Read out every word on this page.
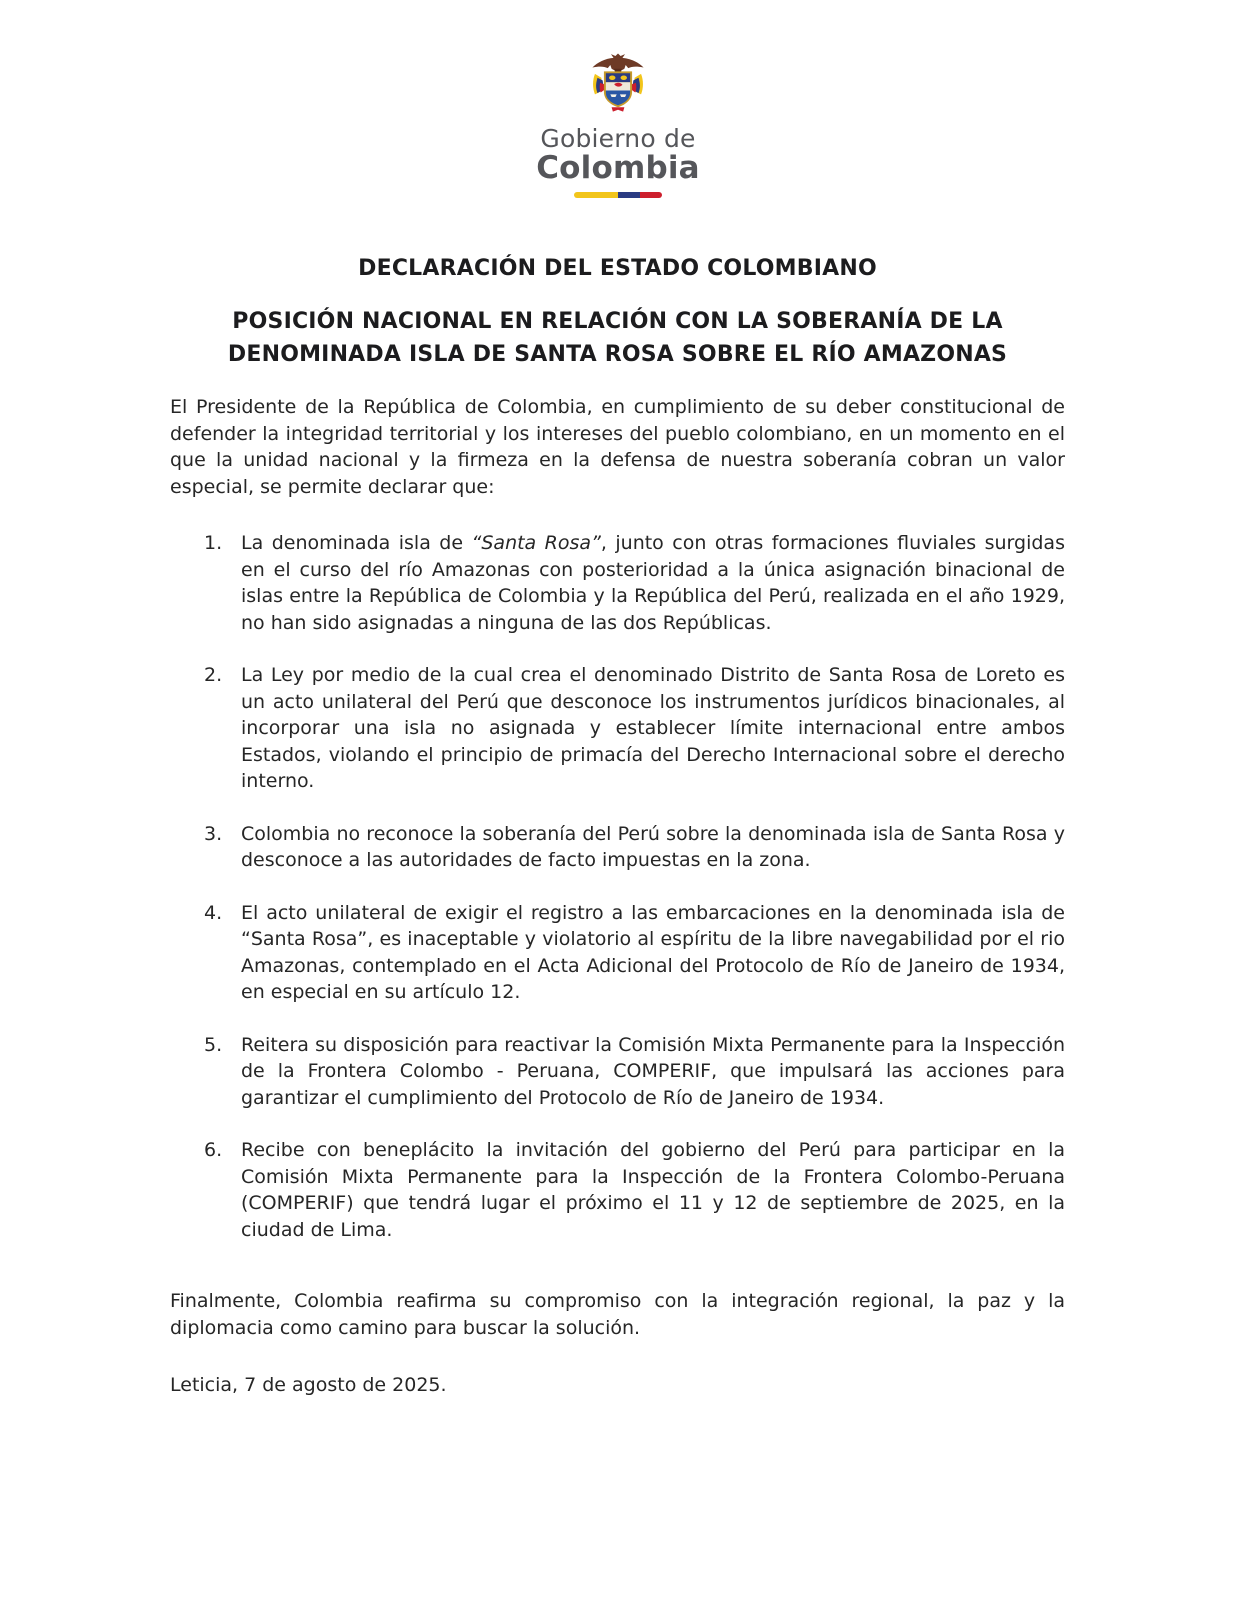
Gobierno de
Colombia
DECLARACIÓN DEL ESTADO COLOMBIANO
POSICIÓN NACIONAL EN RELACIÓN CON LA SOBERANÍA DE LA DENOMINADA ISLA DE SANTA ROSA SOBRE EL RÍO AMAZONAS

El Presidente de la República de Colombia, en cumplimiento de su deber constitucional de defender la integridad territorial y los intereses del pueblo colombiano, en un momento en el que la unidad nacional y la firmeza en la defensa de nuestra soberanía cobran un valor especial, se permite declarar que:

1. La denominada isla de “Santa Rosa”, junto con otras formaciones fluviales surgidas en el curso del río Amazonas con posterioridad a la única asignación binacional de islas entre la República de Colombia y la República del Perú, realizada en el año 1929, no han sido asignadas a ninguna de las dos Repúblicas.
2. La Ley por medio de la cual crea el denominado Distrito de Santa Rosa de Loreto es un acto unilateral del Perú que desconoce los instrumentos jurídicos binacionales, al incorporar una isla no asignada y establecer límite internacional entre ambos Estados, violando el principio de primacía del Derecho Internacional sobre el derecho interno.
3. Colombia no reconoce la soberanía del Perú sobre la denominada isla de Santa Rosa y desconoce a las autoridades de facto impuestas en la zona.
4. El acto unilateral de exigir el registro a las embarcaciones en la denominada isla de “Santa Rosa”, es inaceptable y violatorio al espíritu de la libre navegabilidad por el rio Amazonas, contemplado en el Acta Adicional del Protocolo de Río de Janeiro de 1934, en especial en su artículo 12.
5. Reitera su disposición para reactivar la Comisión Mixta Permanente para la Inspección de la Frontera Colombo - Peruana, COMPERIF, que impulsará las acciones para garantizar el cumplimiento del Protocolo de Río de Janeiro de 1934.
6. Recibe con beneplácito la invitación del gobierno del Perú para participar en la Comisión Mixta Permanente para la Inspección de la Frontera Colombo-Peruana (COMPERIF) que tendrá lugar el próximo el 11 y 12 de septiembre de 2025, en la ciudad de Lima.

Finalmente, Colombia reafirma su compromiso con la integración regional, la paz y la diplomacia como camino para buscar la solución.

Leticia, 7 de agosto de 2025.
